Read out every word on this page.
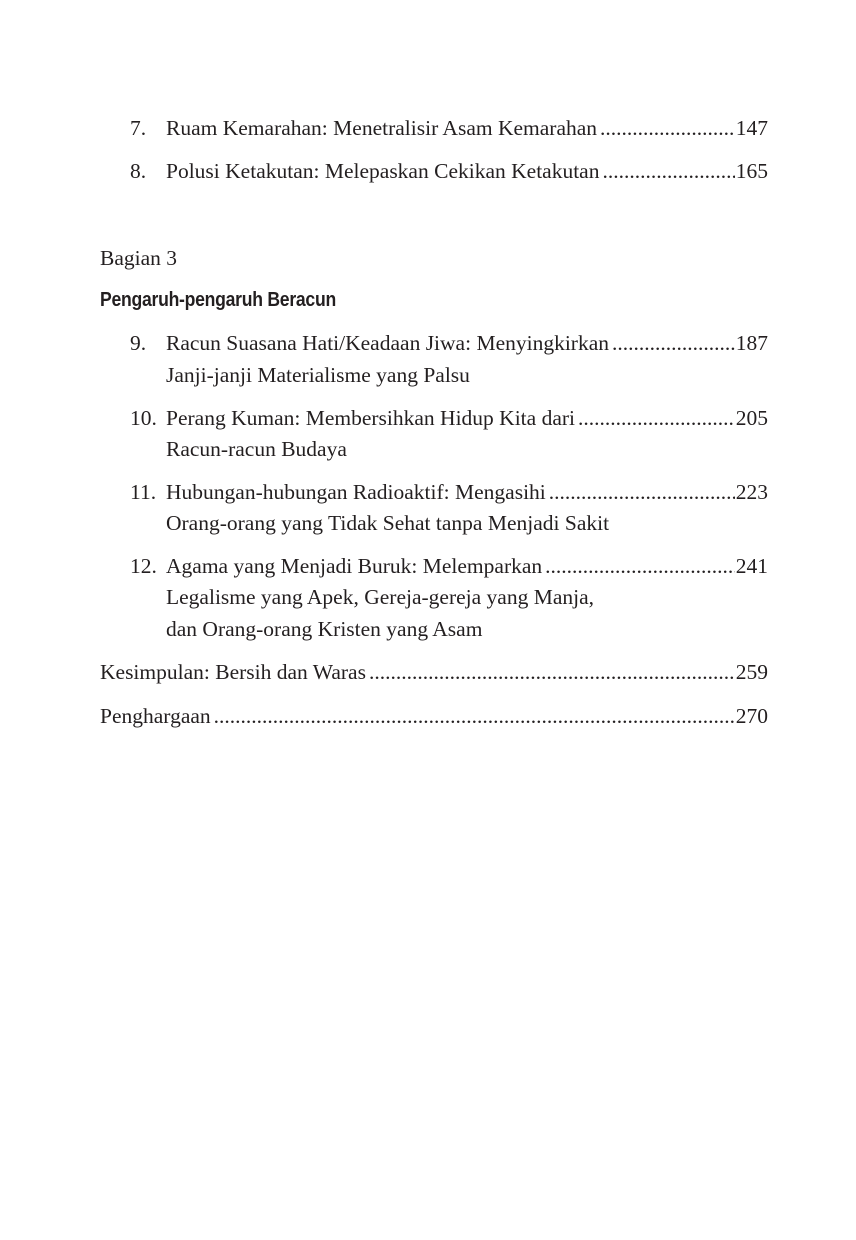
7. Ruam Kemarahan: Menetralisir Asam Kemarahan .....	147
8. Polusi Ketakutan: Melepaskan Cekikan Ketakutan .....	165
Bagian 3
Pengaruh-pengaruh Beracun
9. Racun Suasana Hati/Keadaan Jiwa: Menyingkirkan .....	187
Janji-janji Materialisme yang Palsu
10. Perang Kuman: Membersihkan Hidup Kita dari .....	205
Racun-racun Budaya
11. Hubungan-hubungan Radioaktif: Mengasihi .....	223
Orang-orang yang Tidak Sehat tanpa Menjadi Sakit
12. Agama yang Menjadi Buruk: Melemparkan .....	241
Legalisme yang Apek, Gereja-gereja yang Manja,
dan Orang-orang Kristen yang Asam
Kesimpulan: Bersih dan Waras .....	259
Penghargaan .....	270
